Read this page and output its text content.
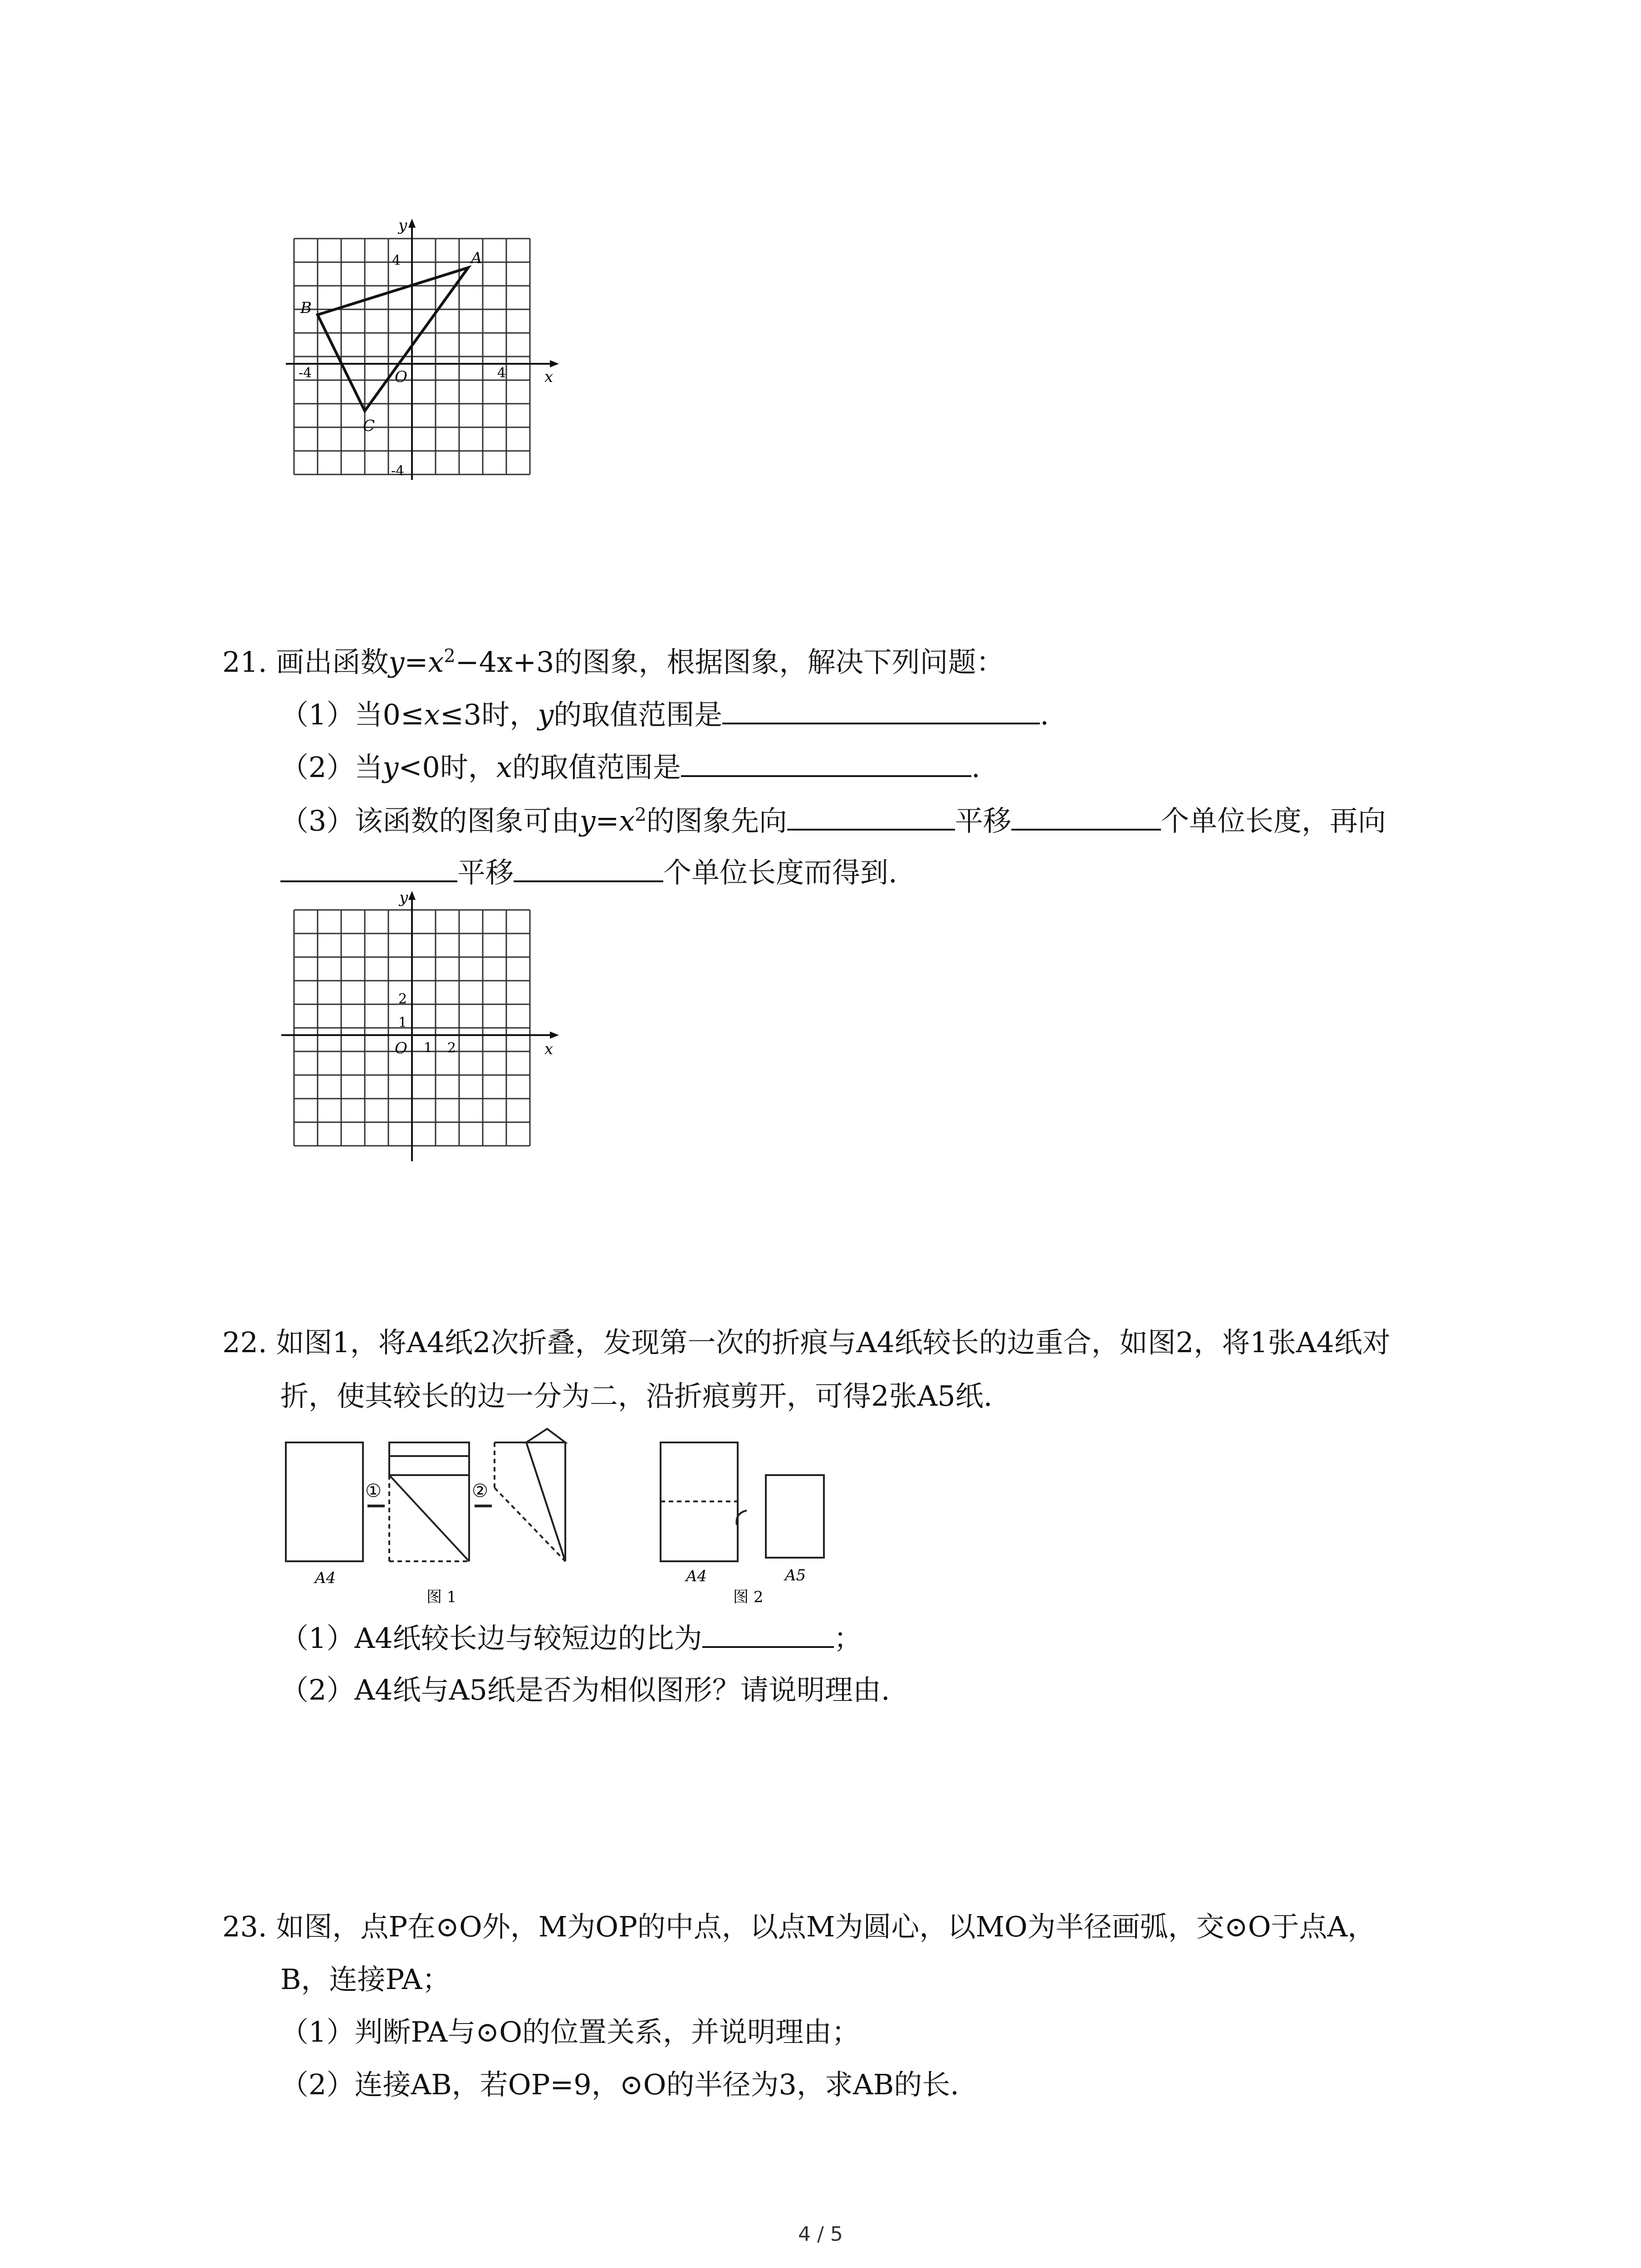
y
x
4
4
-4
-4
O
A
B
C
21. 画出函数$y=x^2-4x+3$的图象，根据图象，解决下列问题：
（1）当0≤x≤3时，y的取值范围是	.
（2）当y<0时，x的取值范围是	.
（3）该函数的图象可由$y=x^2$的图象先向	平移	个单位长度，再向
平移	个单位长度而得到.
y
x
O 1 2
1
2
22. 如图1，将A4纸2次折叠，发现第一次的折痕与A4纸较长的边重合，如图2，将1张A4纸对
折，使其较长的边一分为二，沿折痕剪开，可得2张A5纸.
A4
①	②
图 1
A4	A5
图 2
（1）A4纸较长边与较短边的比为	；
（2）A4纸与A5纸是否为相似图形？请说明理由.
23. 如图，点P在⊙O外，M为OP的中点，以点M为圆心，以MO为半径画弧，交⊙O于点A，
B，连接PA；
（1）判断PA与⊙O的位置关系，并说明理由；
（2）连接AB，若OP=9，⊙O的半径为3，求AB的长.
4 / 5
